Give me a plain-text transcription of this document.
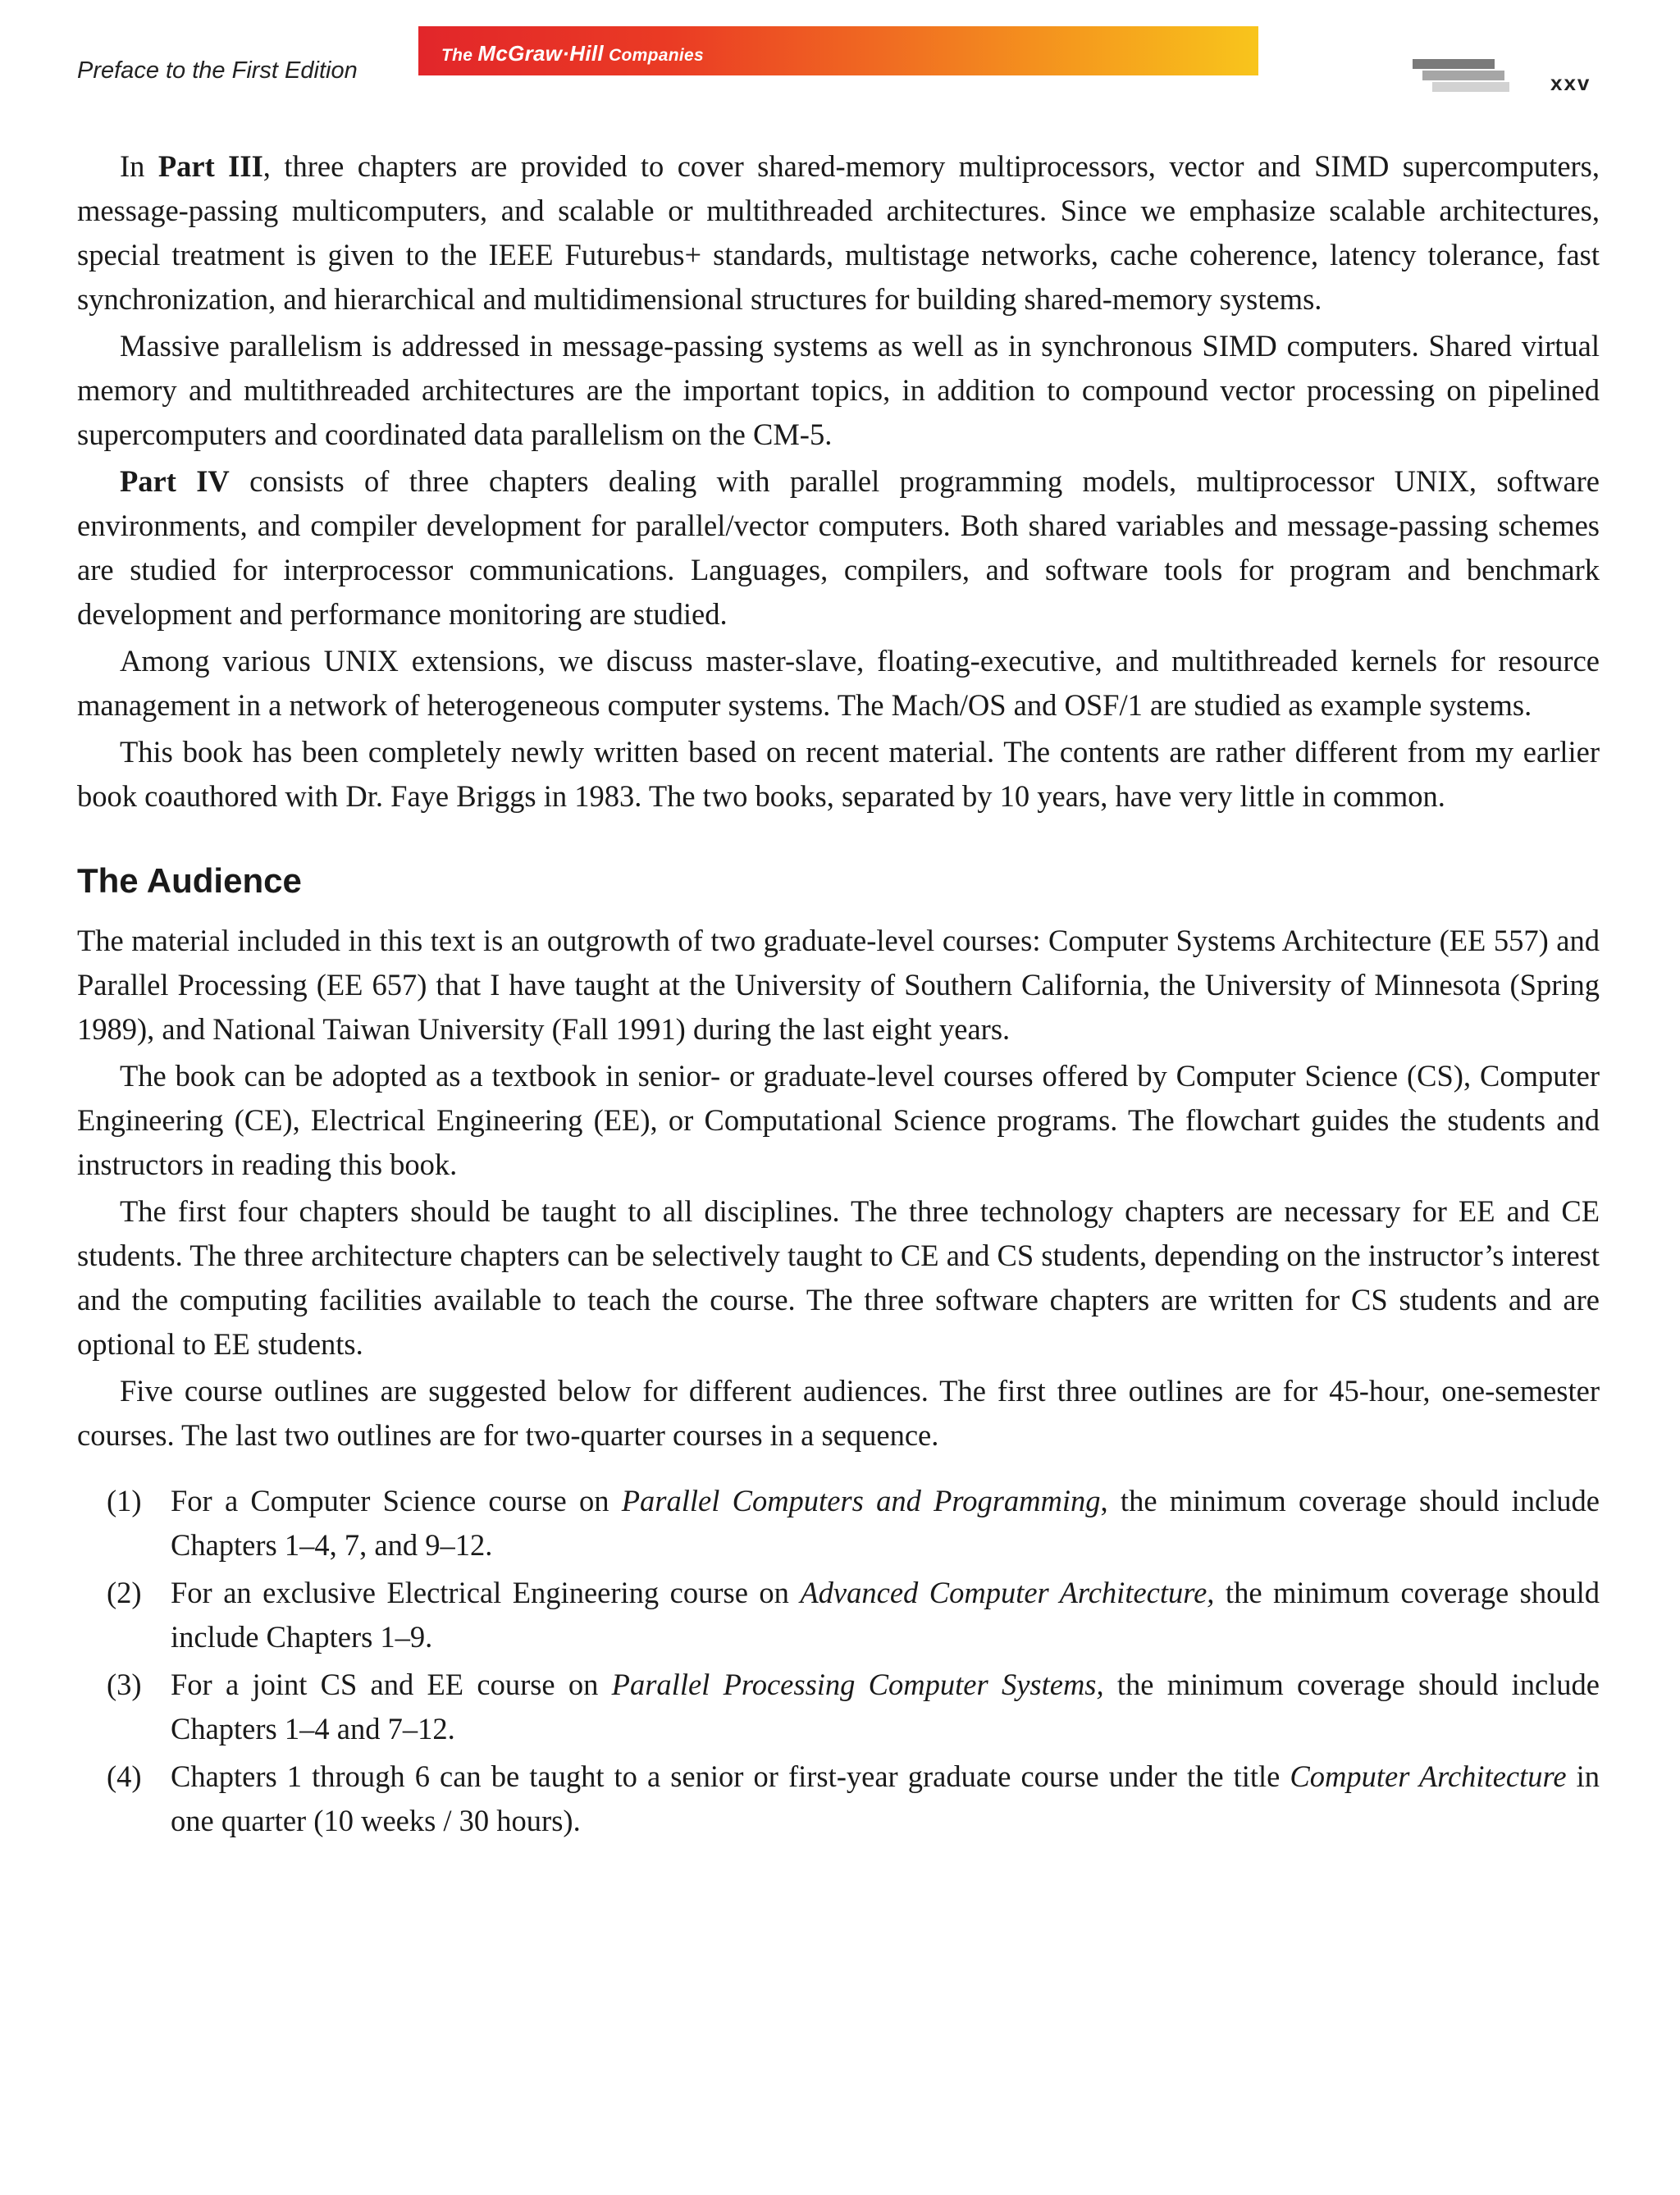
Preface to the First Edition
The McGraw·Hill Companies
xxv

In Part III, three chapters are provided to cover shared-memory multiprocessors, vector and SIMD supercomputers, message-passing multicomputers, and scalable or multithreaded architectures. Since we emphasize scalable architectures, special treatment is given to the IEEE Futurebus+ standards, multistage networks, cache coherence, latency tolerance, fast synchronization, and hierarchical and multidimensional structures for building shared-memory systems.

Massive parallelism is addressed in message-passing systems as well as in synchronous SIMD computers. Shared virtual memory and multithreaded architectures are the important topics, in addition to compound vector processing on pipelined supercomputers and coordinated data parallelism on the CM-5.

Part IV consists of three chapters dealing with parallel programming models, multiprocessor UNIX, software environments, and compiler development for parallel/vector computers. Both shared variables and message-passing schemes are studied for interprocessor communications. Languages, compilers, and software tools for program and benchmark development and performance monitoring are studied.

Among various UNIX extensions, we discuss master-slave, floating-executive, and multithreaded kernels for resource management in a network of heterogeneous computer systems. The Mach/OS and OSF/1 are studied as example systems.

This book has been completely newly written based on recent material. The contents are rather different from my earlier book coauthored with Dr. Faye Briggs in 1983. The two books, separated by 10 years, have very little in common.

The Audience

The material included in this text is an outgrowth of two graduate-level courses: Computer Systems Architecture (EE 557) and Parallel Processing (EE 657) that I have taught at the University of Southern California, the University of Minnesota (Spring 1989), and National Taiwan University (Fall 1991) during the last eight years.

The book can be adopted as a textbook in senior- or graduate-level courses offered by Computer Science (CS), Computer Engineering (CE), Electrical Engineering (EE), or Computational Science programs. The flowchart guides the students and instructors in reading this book.

The first four chapters should be taught to all disciplines. The three technology chapters are necessary for EE and CE students. The three architecture chapters can be selectively taught to CE and CS students, depending on the instructor’s interest and the computing facilities available to teach the course. The three software chapters are written for CS students and are optional to EE students.

Five course outlines are suggested below for different audiences. The first three outlines are for 45-hour, one-semester courses. The last two outlines are for two-quarter courses in a sequence.

(1) For a Computer Science course on Parallel Computers and Programming, the minimum coverage should include Chapters 1–4, 7, and 9–12.
(2) For an exclusive Electrical Engineering course on Advanced Computer Architecture, the minimum coverage should include Chapters 1–9.
(3) For a joint CS and EE course on Parallel Processing Computer Systems, the minimum coverage should include Chapters 1–4 and 7–12.
(4) Chapters 1 through 6 can be taught to a senior or first-year graduate course under the title Computer Architecture in one quarter (10 weeks / 30 hours).
